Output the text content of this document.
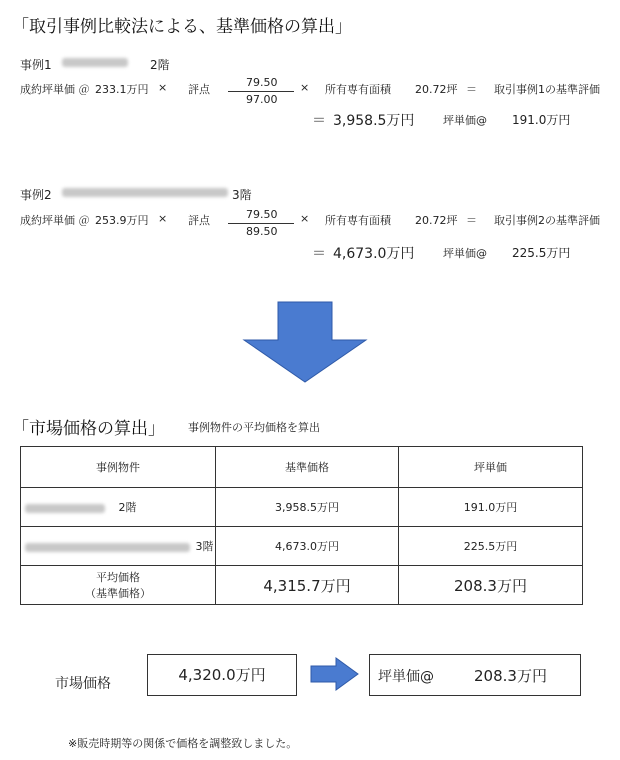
「取引事例比較法による、基準価格の算出」
事例1	2階
成約坪単価 ＠ 233.1万円 × 評点
79.50
97.00
× 所有専有面積 20.72坪 ＝ 取引事例1の基準評価
＝ 3,958.5万円	坪単価@ 191.0万円
事例2	3階
成約坪単価 ＠ 253.9万円 × 評点	79.50
89.50
× 所有専有面積 20.72坪 ＝ 取引事例2の基準評価
＝ 4,673.0万円	坪単価@ 225.5万円
「市場価格の算出」 事例物件の平均価格を算出
事例物件	基準価格	坪単価
2階	3,958.5万円	191.0万円
3階	4,673.0万円	225.5万円

平均価格
（基準価格）	4,315.7万円	208.3万円
市場価格	4,320.0万円	坪単価@	208.3万円
※販売時期等の関係で価格を調整致しました。
